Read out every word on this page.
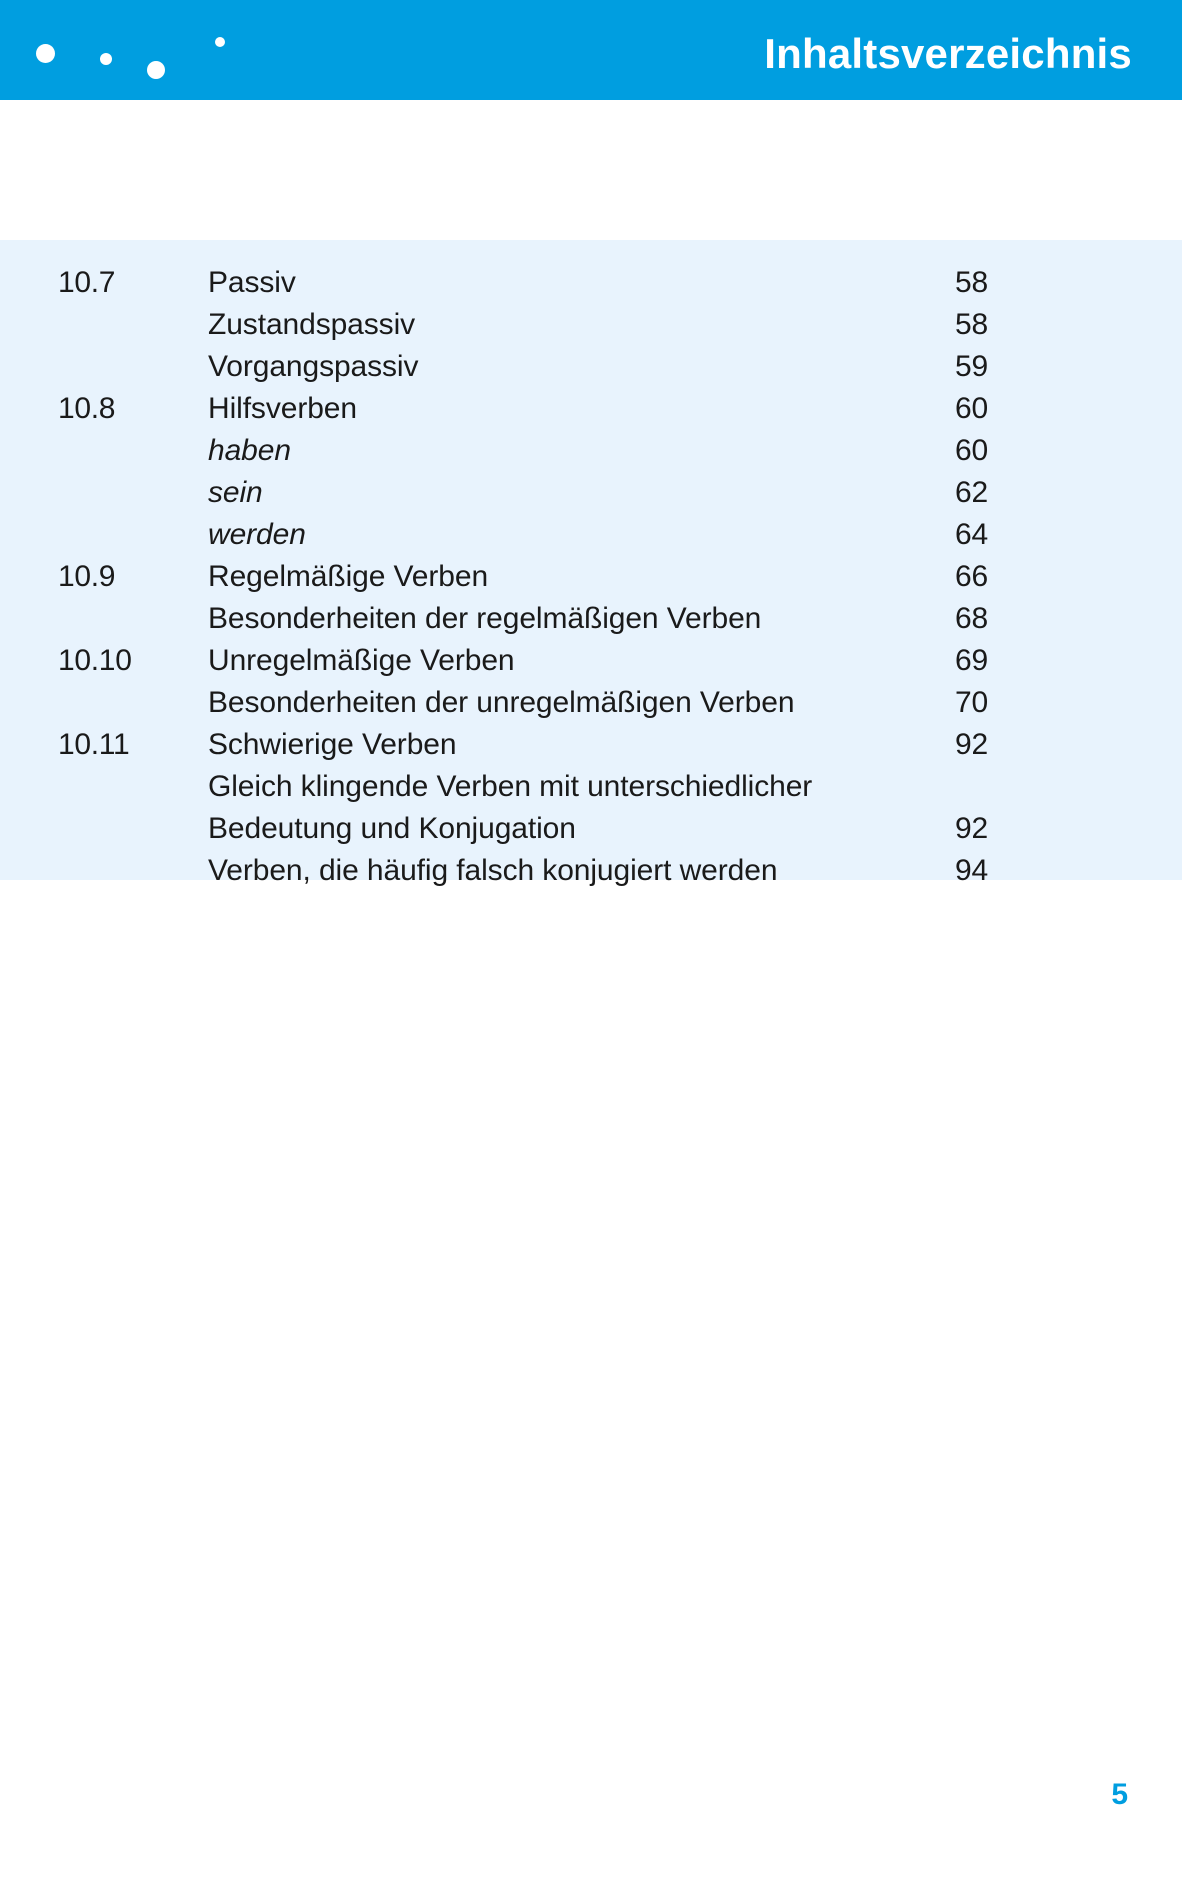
Inhaltsverzeichnis
10.7	Passiv	58
Zustandspassiv	58
Vorgangspassiv	59
10.8	Hilfsverben	60
haben	60
sein	62
werden	64
10.9	Regelmäßige Verben	66
Besonderheiten der regelmäßigen Verben	68
10.10	Unregelmäßige Verben	69
Besonderheiten der unregelmäßigen Verben	70
10.11	Schwierige Verben	92
Gleich klingende Verben mit unterschiedlicher
Bedeutung und Konjugation	92
Verben, die häufig falsch konjugiert werden	94
5
